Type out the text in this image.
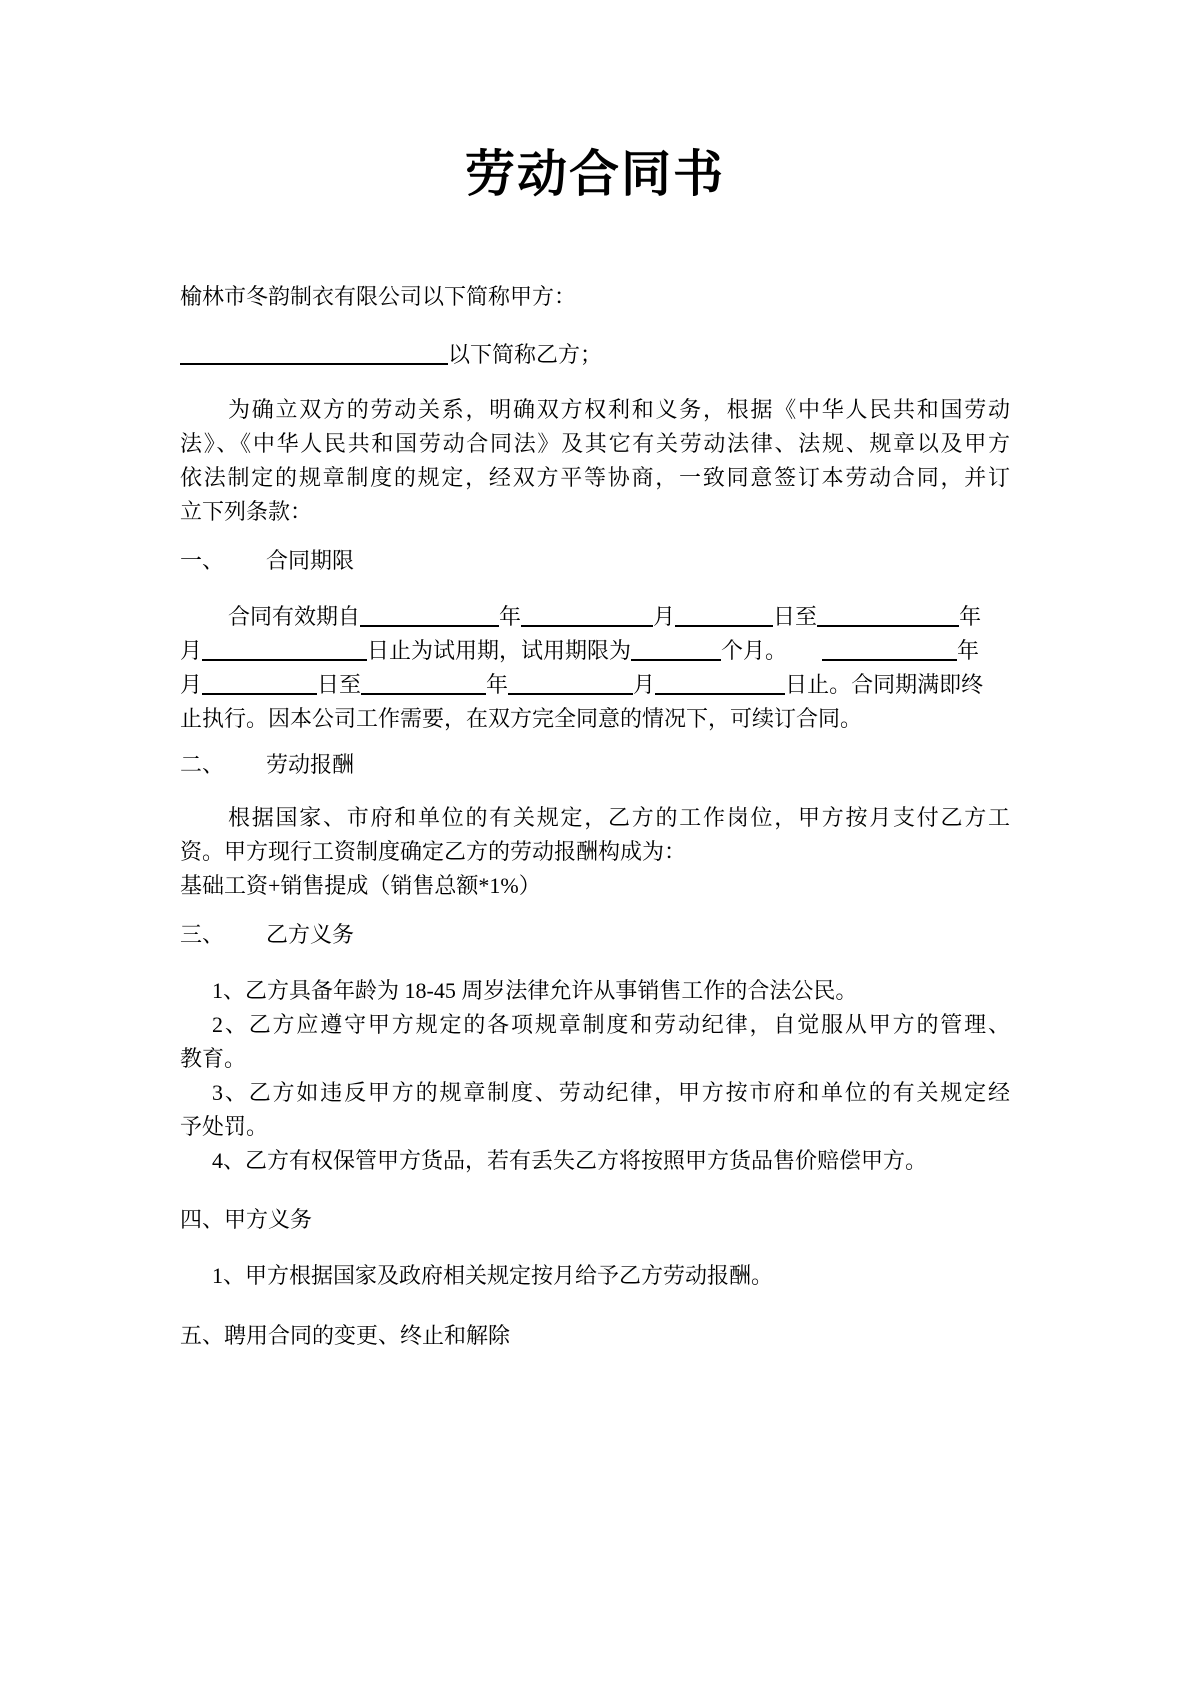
劳动合同书
榆林市冬韵制衣有限公司以下简称甲方：
以下简称乙方；
为确立双方的劳动关系，明确双方权利和义务，根据《中华人民共和国劳动
法》、《中华人民共和国劳动合同法》及其它有关劳动法律、法规、规章以及甲方
依法制定的规章制度的规定，经双方平等协商，一致同意签订本劳动合同，并订
立下列条款：
一、 合同期限
合同有效期自	年	月	日至	年
月	日止为试用期，试用期限为	个月。	年
月	日至	年	月	日止。合同期满即终
止执行。因本公司工作需要，在双方完全同意的情况下，可续订合同。
二、 劳动报酬
根据国家、市府和单位的有关规定，乙方的工作岗位，甲方按月支付乙方工
资。甲方现行工资制度确定乙方的劳动报酬构成为：
基础工资+销售提成（销售总额*1%）
三、 乙方义务
1、乙方具备年龄为 18-45 周岁法律允许从事销售工作的合法公民。
2、乙方应遵守甲方规定的各项规章制度和劳动纪律，自觉服从甲方的管理、
教育。
3、乙方如违反甲方的规章制度、劳动纪律，甲方按市府和单位的有关规定经
予处罚。
4、乙方有权保管甲方货品，若有丢失乙方将按照甲方货品售价赔偿甲方。
四、甲方义务
1、甲方根据国家及政府相关规定按月给予乙方劳动报酬。
五、聘用合同的变更、终止和解除
